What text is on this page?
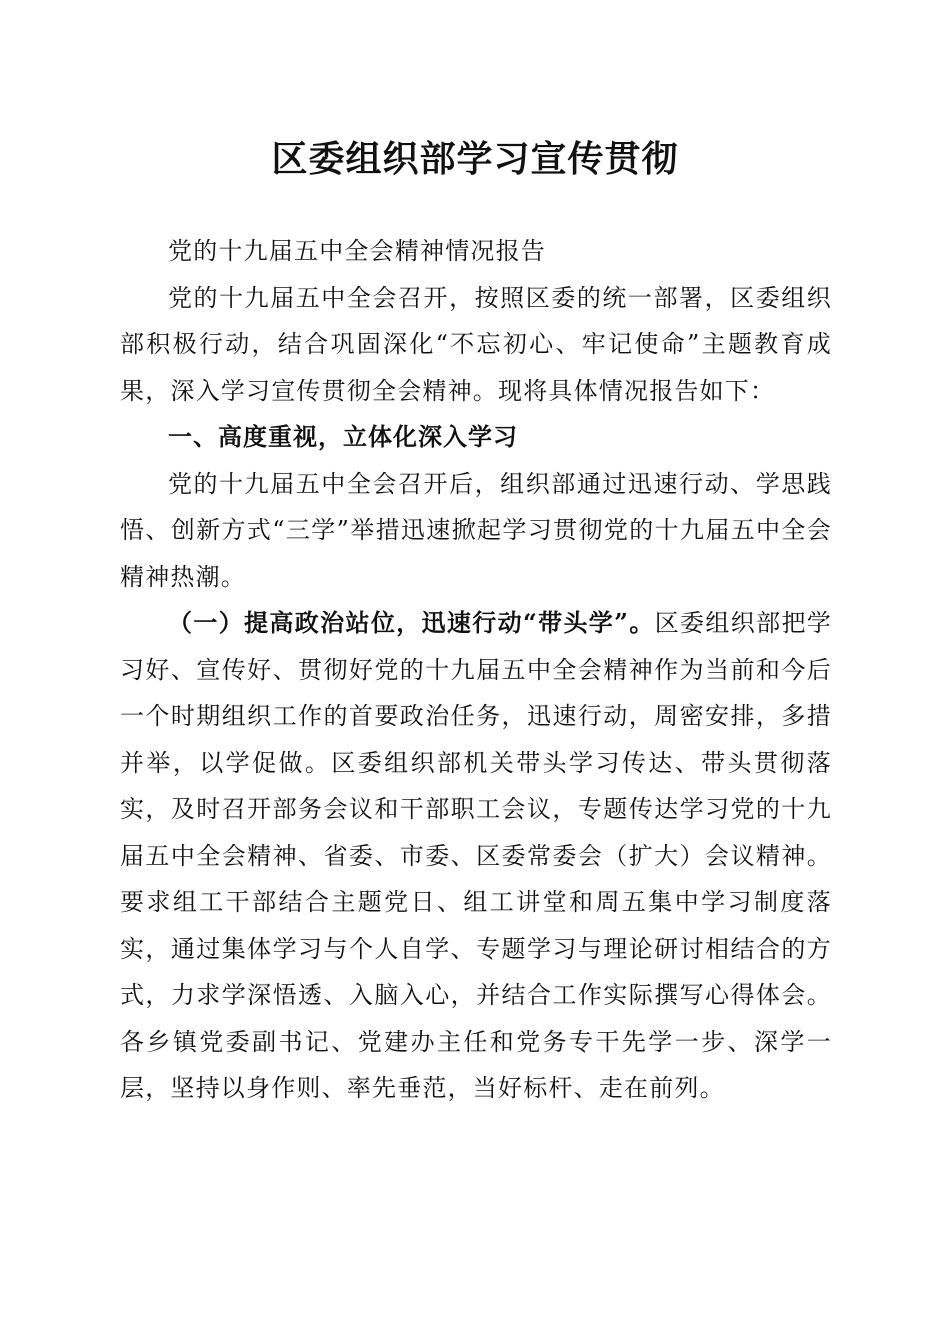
区委组织部学习宣传贯彻

党的十九届五中全会精神情况报告

党的十九届五中全会召开，按照区委的统一部署，区委组织部积极行动，结合巩固深化“不忘初心、牢记使命”主题教育成果，深入学习宣传贯彻全会精神。现将具体情况报告如下：

一、高度重视，立体化深入学习

党的十九届五中全会召开后，组织部通过迅速行动、学思践悟、创新方式“三学”举措迅速掀起学习贯彻党的十九届五中全会精神热潮。

（一）提高政治站位，迅速行动“带头学”。区委组织部把学习好、宣传好、贯彻好党的十九届五中全会精神作为当前和今后一个时期组织工作的首要政治任务，迅速行动，周密安排，多措并举，以学促做。区委组织部机关带头学习传达、带头贯彻落实，及时召开部务会议和干部职工会议，专题传达学习党的十九届五中全会精神、省委、市委、区委常委会（扩大）会议精神。要求组工干部结合主题党日、组工讲堂和周五集中学习制度落实，通过集体学习与个人自学、专题学习与理论研讨相结合的方式，力求学深悟透、入脑入心，并结合工作实际撰写心得体会。各乡镇党委副书记、党建办主任和党务专干先学一步、深学一层，坚持以身作则、率先垂范，当好标杆、走在前列。
